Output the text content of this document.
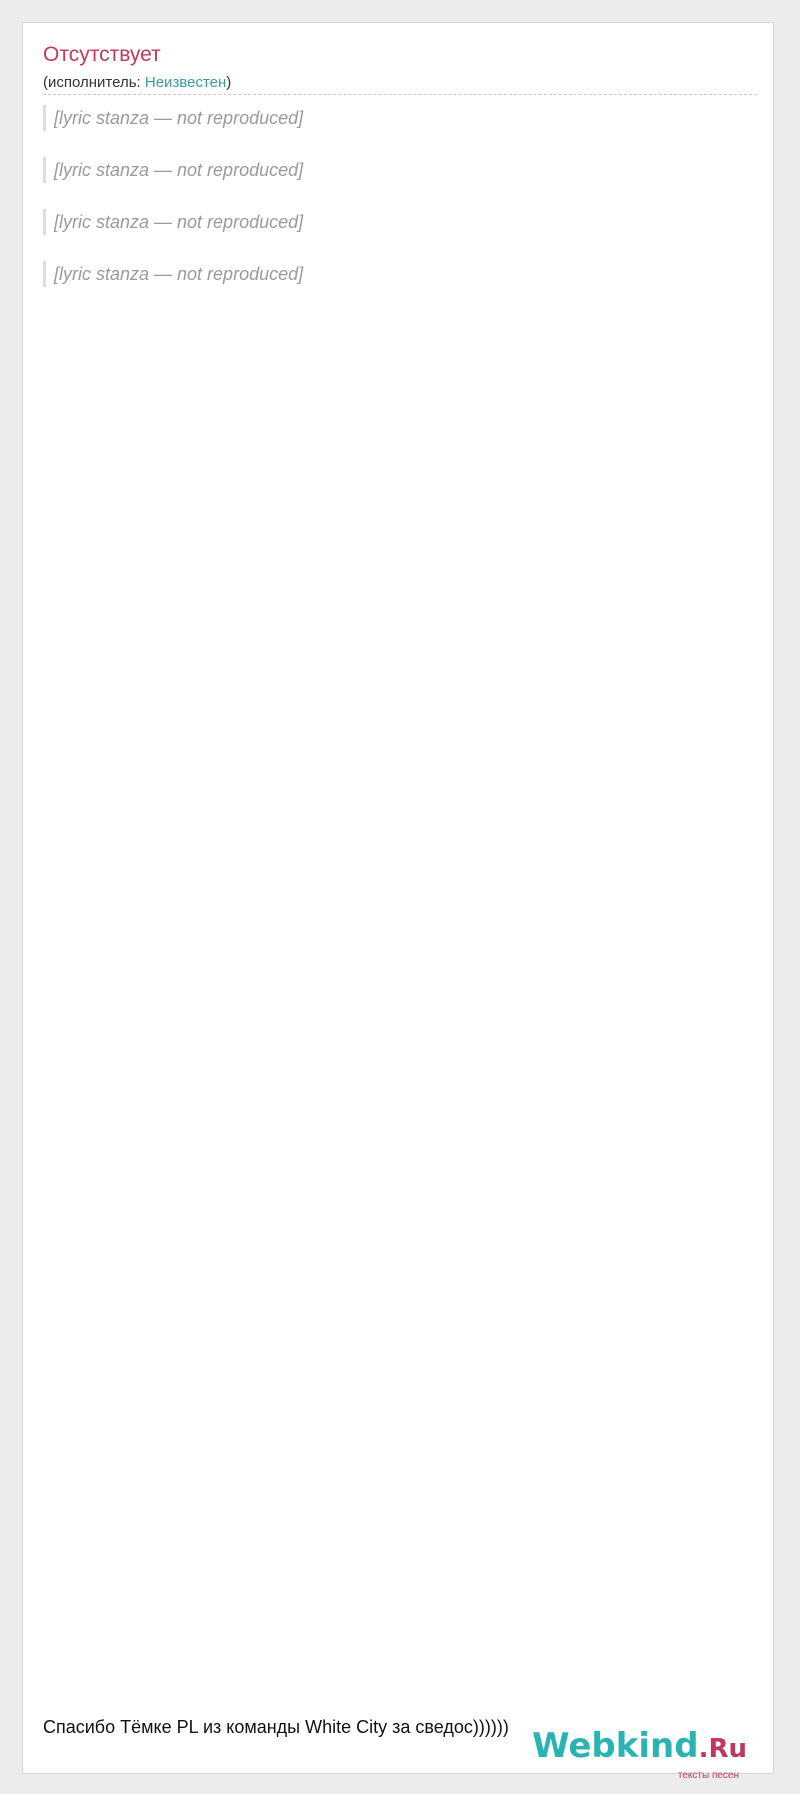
Отсутствует
(исполнитель: Неизвестен)
[lyric stanza — not reproduced]
[lyric stanza — not reproduced]
[lyric stanza — not reproduced]
[lyric stanza — not reproduced]
Спасибо Тёмке PL из команды White City за сведос)))))) Webkind.Ru
тексты песен
